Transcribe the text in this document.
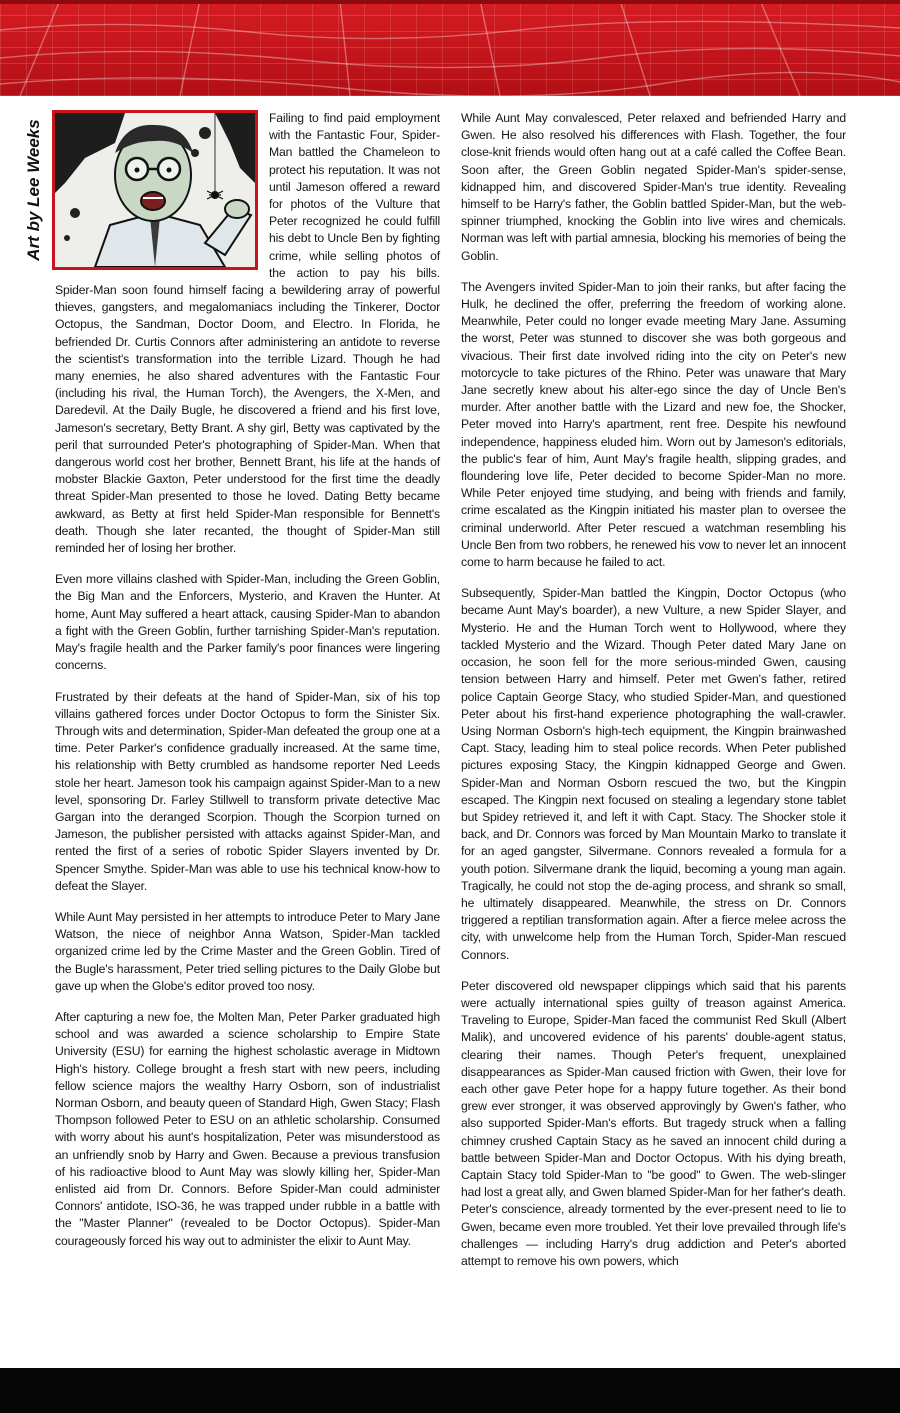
Art by Lee Weeks

Failing to find paid employment with the Fantastic Four, Spider-Man battled the Chameleon to protect his reputation. It was not until Jameson offered a reward for photos of the Vulture that Peter recognized he could fulfill his debt to Uncle Ben by fighting crime, while selling photos of the action to pay his bills. Spider-Man soon found himself facing a bewildering array of powerful thieves, gangsters, and megalomaniacs including the Tinkerer, Doctor Octopus, the Sandman, Doctor Doom, and Electro. In Florida, he befriended Dr. Curtis Connors after administering an antidote to reverse the scientist's transformation into the terrible Lizard. Though he had many enemies, he also shared adventures with the Fantastic Four (including his rival, the Human Torch), the Avengers, the X-Men, and Daredevil. At the Daily Bugle, he discovered a friend and his first love, Jameson's secretary, Betty Brant. A shy girl, Betty was captivated by the peril that surrounded Peter's photographing of Spider-Man. When that dangerous world cost her brother, Bennett Brant, his life at the hands of mobster Blackie Gaxton, Peter understood for the first time the deadly threat Spider-Man presented to those he loved. Dating Betty became awkward, as Betty at first held Spider-Man responsible for Bennett's death. Though she later recanted, the thought of Spider-Man still reminded her of losing her brother.

Even more villains clashed with Spider-Man, including the Green Goblin, the Big Man and the Enforcers, Mysterio, and Kraven the Hunter. At home, Aunt May suffered a heart attack, causing Spider-Man to abandon a fight with the Green Goblin, further tarnishing Spider-Man's reputation. May's fragile health and the Parker family's poor finances were lingering concerns.

Frustrated by their defeats at the hand of Spider-Man, six of his top villains gathered forces under Doctor Octopus to form the Sinister Six. Through wits and determination, Spider-Man defeated the group one at a time. Peter Parker's confidence gradually increased. At the same time, his relationship with Betty crumbled as handsome reporter Ned Leeds stole her heart. Jameson took his campaign against Spider-Man to a new level, sponsoring Dr. Farley Stillwell to transform private detective Mac Gargan into the deranged Scorpion. Though the Scorpion turned on Jameson, the publisher persisted with attacks against Spider-Man, and rented the first of a series of robotic Spider Slayers invented by Dr. Spencer Smythe. Spider-Man was able to use his technical know-how to defeat the Slayer.

While Aunt May persisted in her attempts to introduce Peter to Mary Jane Watson, the niece of neighbor Anna Watson, Spider-Man tackled organized crime led by the Crime Master and the Green Goblin. Tired of the Bugle's harassment, Peter tried selling pictures to the Daily Globe but gave up when the Globe's editor proved too nosy.

After capturing a new foe, the Molten Man, Peter Parker graduated high school and was awarded a science scholarship to Empire State University (ESU) for earning the highest scholastic average in Midtown High's history. College brought a fresh start with new peers, including fellow science majors the wealthy Harry Osborn, son of industrialist Norman Osborn, and beauty queen of Standard High, Gwen Stacy; Flash Thompson followed Peter to ESU on an athletic scholarship. Consumed with worry about his aunt's hospitalization, Peter was misunderstood as an unfriendly snob by Harry and Gwen. Because a previous transfusion of his radioactive blood to Aunt May was slowly killing her, Spider-Man enlisted aid from Dr. Connors. Before Spider-Man could administer Connors' antidote, ISO-36, he was trapped under rubble in a battle with the "Master Planner" (revealed to be Doctor Octopus). Spider-Man courageously forced his way out to administer the elixir to Aunt May.

While Aunt May convalesced, Peter relaxed and befriended Harry and Gwen. He also resolved his differences with Flash. Together, the four close-knit friends would often hang out at a café called the Coffee Bean. Soon after, the Green Goblin negated Spider-Man's spider-sense, kidnapped him, and discovered Spider-Man's true identity. Revealing himself to be Harry's father, the Goblin battled Spider-Man, but the web-spinner triumphed, knocking the Goblin into live wires and chemicals. Norman was left with partial amnesia, blocking his memories of being the Goblin.

The Avengers invited Spider-Man to join their ranks, but after facing the Hulk, he declined the offer, preferring the freedom of working alone. Meanwhile, Peter could no longer evade meeting Mary Jane. Assuming the worst, Peter was stunned to discover she was both gorgeous and vivacious. Their first date involved riding into the city on Peter's new motorcycle to take pictures of the Rhino. Peter was unaware that Mary Jane secretly knew about his alter-ego since the day of Uncle Ben's murder. After another battle with the Lizard and new foe, the Shocker, Peter moved into Harry's apartment, rent free. Despite his newfound independence, happiness eluded him. Worn out by Jameson's editorials, the public's fear of him, Aunt May's fragile health, slipping grades, and floundering love life, Peter decided to become Spider-Man no more. While Peter enjoyed time studying, and being with friends and family, crime escalated as the Kingpin initiated his master plan to oversee the criminal underworld. After Peter rescued a watchman resembling his Uncle Ben from two robbers, he renewed his vow to never let an innocent come to harm because he failed to act.

Subsequently, Spider-Man battled the Kingpin, Doctor Octopus (who became Aunt May's boarder), a new Vulture, a new Spider Slayer, and Mysterio. He and the Human Torch went to Hollywood, where they tackled Mysterio and the Wizard. Though Peter dated Mary Jane on occasion, he soon fell for the more serious-minded Gwen, causing tension between Harry and himself. Peter met Gwen's father, retired police Captain George Stacy, who studied Spider-Man, and questioned Peter about his first-hand experience photographing the wall-crawler. Using Norman Osborn's high-tech equipment, the Kingpin brainwashed Capt. Stacy, leading him to steal police records. When Peter published pictures exposing Stacy, the Kingpin kidnapped George and Gwen. Spider-Man and Norman Osborn rescued the two, but the Kingpin escaped. The Kingpin next focused on stealing a legendary stone tablet but Spidey retrieved it, and left it with Capt. Stacy. The Shocker stole it back, and Dr. Connors was forced by Man Mountain Marko to translate it for an aged gangster, Silvermane. Connors revealed a formula for a youth potion. Silvermane drank the liquid, becoming a young man again. Tragically, he could not stop the de-aging process, and shrank so small, he ultimately disappeared. Meanwhile, the stress on Dr. Connors triggered a reptilian transformation again. After a fierce melee across the city, with unwelcome help from the Human Torch, Spider-Man rescued Connors.

Peter discovered old newspaper clippings which said that his parents were actually international spies guilty of treason against America. Traveling to Europe, Spider-Man faced the communist Red Skull (Albert Malik), and uncovered evidence of his parents' double-agent status, clearing their names. Though Peter's frequent, unexplained disappearances as Spider-Man caused friction with Gwen, their love for each other gave Peter hope for a happy future together. As their bond grew ever stronger, it was observed approvingly by Gwen's father, who also supported Spider-Man's efforts. But tragedy struck when a falling chimney crushed Captain Stacy as he saved an innocent child during a battle between Spider-Man and Doctor Octopus. With his dying breath, Captain Stacy told Spider-Man to "be good" to Gwen. The web-slinger had lost a great ally, and Gwen blamed Spider-Man for her father's death. Peter's conscience, already tormented by the ever-present need to lie to Gwen, became even more troubled. Yet their love prevailed through life's challenges — including Harry's drug addiction and Peter's aborted attempt to remove his own powers, which
